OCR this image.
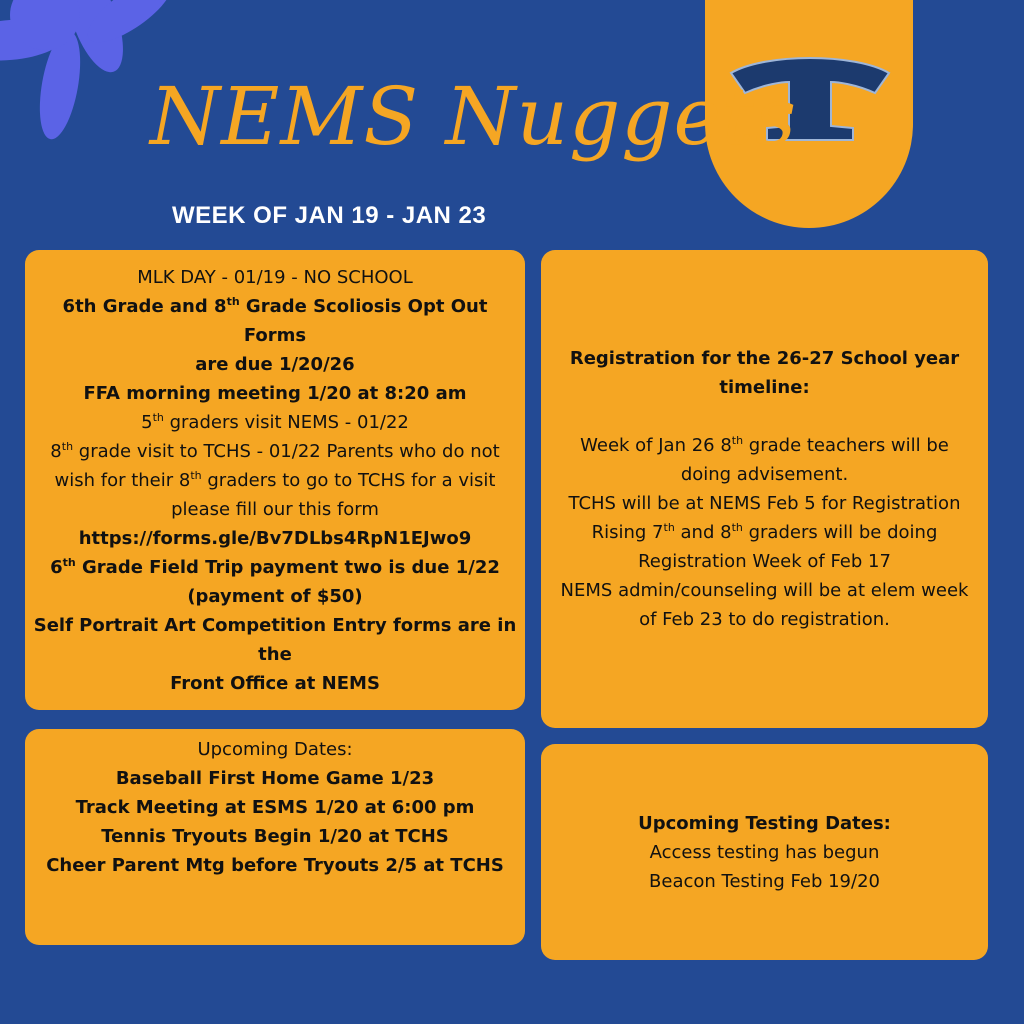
NEMS Nuggets
WEEK OF JAN 19 - JAN 23
MLK DAY - 01/19 - NO SCHOOL
6th Grade and 8th Grade Scoliosis Opt Out Forms
are due 1/20/26
FFA morning meeting 1/20 at 8:20 am
5th graders visit NEMS - 01/22
8th grade visit to TCHS - 01/22 Parents who do not
wish for their 8th graders to go to TCHS for a visit
please fill our this form
https://forms.gle/Bv7DLbs4RpN1EJwo9
6th Grade Field Trip payment two is due 1/22
(payment of $50)
Self Portrait Art Competition Entry forms are in the
Front Office at NEMS
Registration for the 26-27 School year
timeline:
Week of Jan 26 8th grade teachers will be
doing advisement.
TCHS will be at NEMS Feb 5 for Registration
Rising 7th and 8th graders will be doing
Registration Week of Feb 17
NEMS admin/counseling will be at elem week
of Feb 23 to do registration.
Upcoming Dates:
Baseball First Home Game 1/23
Track Meeting at ESMS 1/20 at 6:00 pm
Tennis Tryouts Begin 1/20 at TCHS
Cheer Parent Mtg before Tryouts 2/5 at TCHS
Upcoming Testing Dates:
Access testing has begun
Beacon Testing Feb 19/20
